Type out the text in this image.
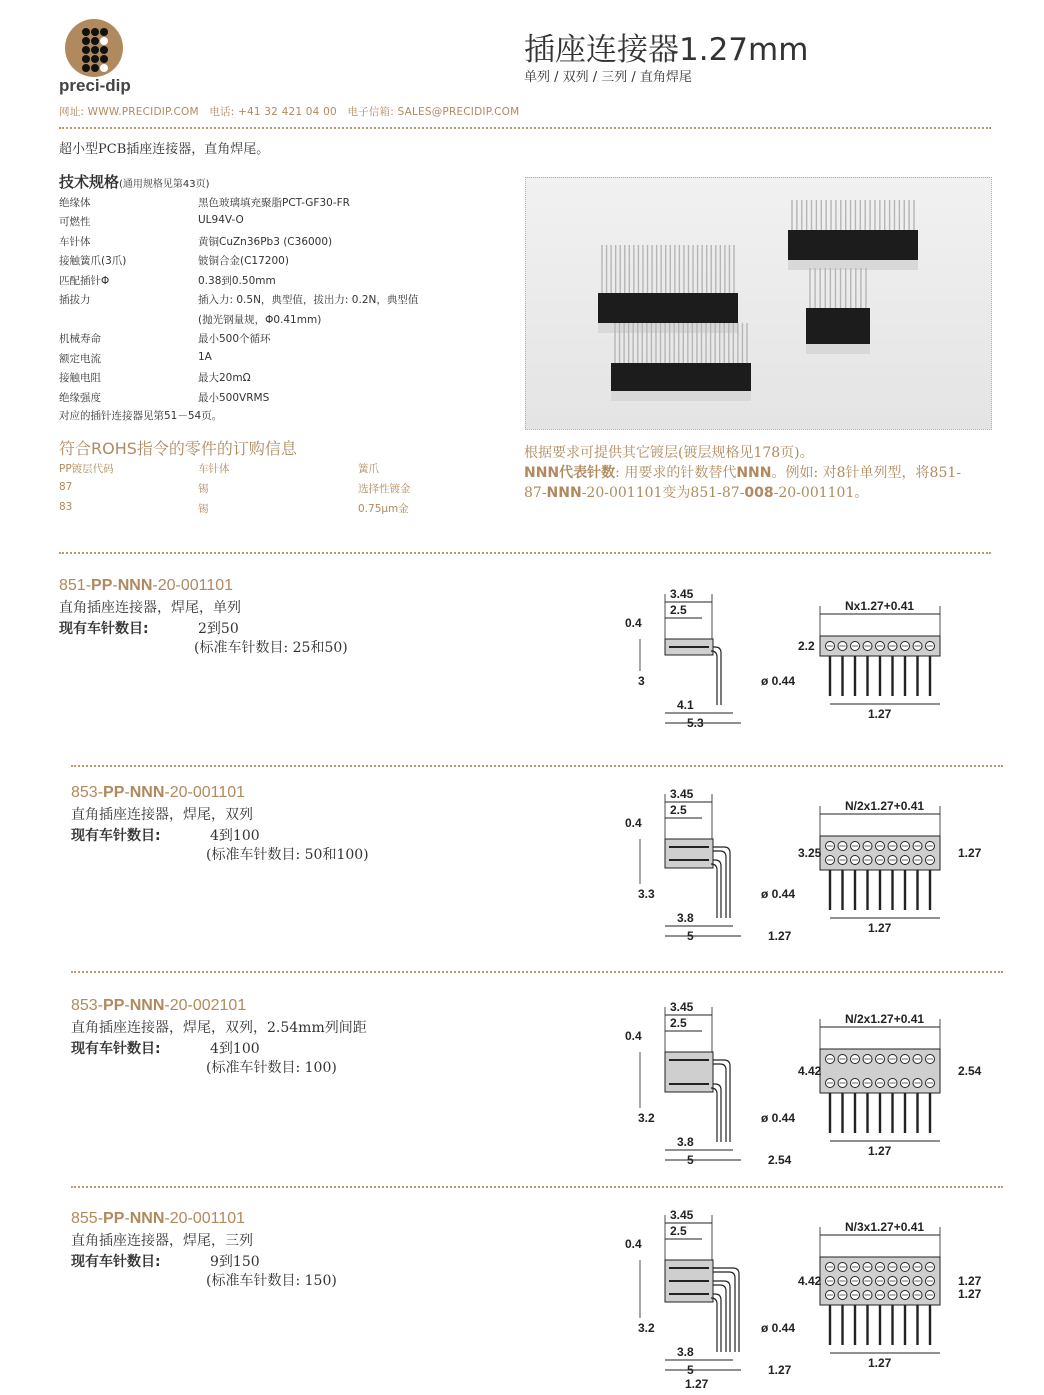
preci-dip
网址: WWW.PRECIDIP.COM   电话: +41 32 421 04 00   电子信箱: SALES@PRECIDIP.COM
插座连接器1.27mm
单列 / 双列 / 三列 / 直角焊尾
超小型PCB插座连接器，直角焊尾。
技术规格(通用规格见第43页)
绝缘体	黑色玻璃填充聚脂PCT-GF30-FR
可燃性	UL94V-O
车针体	黄铜CuZn36Pb3 (C36000)
接触簧爪(3爪)	铍铜合金(C17200)
匹配插针Φ	0.38到0.50mm
插拔力	插入力: 0.5N，典型值，拔出力: 0.2N，典型值
(抛光钢量规，Φ0.41mm)
机械寿命	最小500个循环
额定电流	1A
接触电阻	最大20mΩ
绝缘强度	最小500VRMS
对应的插针连接器见第51－54页。
符合ROHS指令的零件的订购信息
PP镀层代码	车针体	簧爪
87	锡	选择性镀金
83	锡	0.75μm金
根据要求可提供其它镀层(镀层规格见178页)。
NNN代表针数: 用要求的针数替代NNN。例如: 对8针单列型，将851-
87-NNN-20-001101变为851-87-008-20-001101。
851-PP-NNN-20-001101
直角插座连接器，焊尾，单列
现有车针数目:	2到50
(标准车针数目: 25和50)
3.45
2.5
0.4
3
4.1
5.3
ø 0.44
Nx1.27+0.41
2.2
1.27
853-PP-NNN-20-001101
直角插座连接器，焊尾，双列
现有车针数目:	4到100
(标准车针数目: 50和100)
3.45
2.5
0.4
3.3
3.8
5	1.27
ø 0.44
N/2x1.27+0.41
3.25	1.27
1.27
853-PP-NNN-20-002101
直角插座连接器，焊尾，双列，2.54mm列间距
现有车针数目:	4到100
(标准车针数目: 100)
3.45
2.5
0.4
3.2
3.8
5	2.54
ø 0.44
N/2x1.27+0.41
4.42	2.54
1.27
855-PP-NNN-20-001101
直角插座连接器，焊尾，三列
现有车针数目:	9到150
(标准车针数目: 150)
3.45
2.5
0.4
3.2
3.8
5	1.27
ø 0.44
N/3x1.27+0.41
4.42	1.27
1.27
1.27
1.27
